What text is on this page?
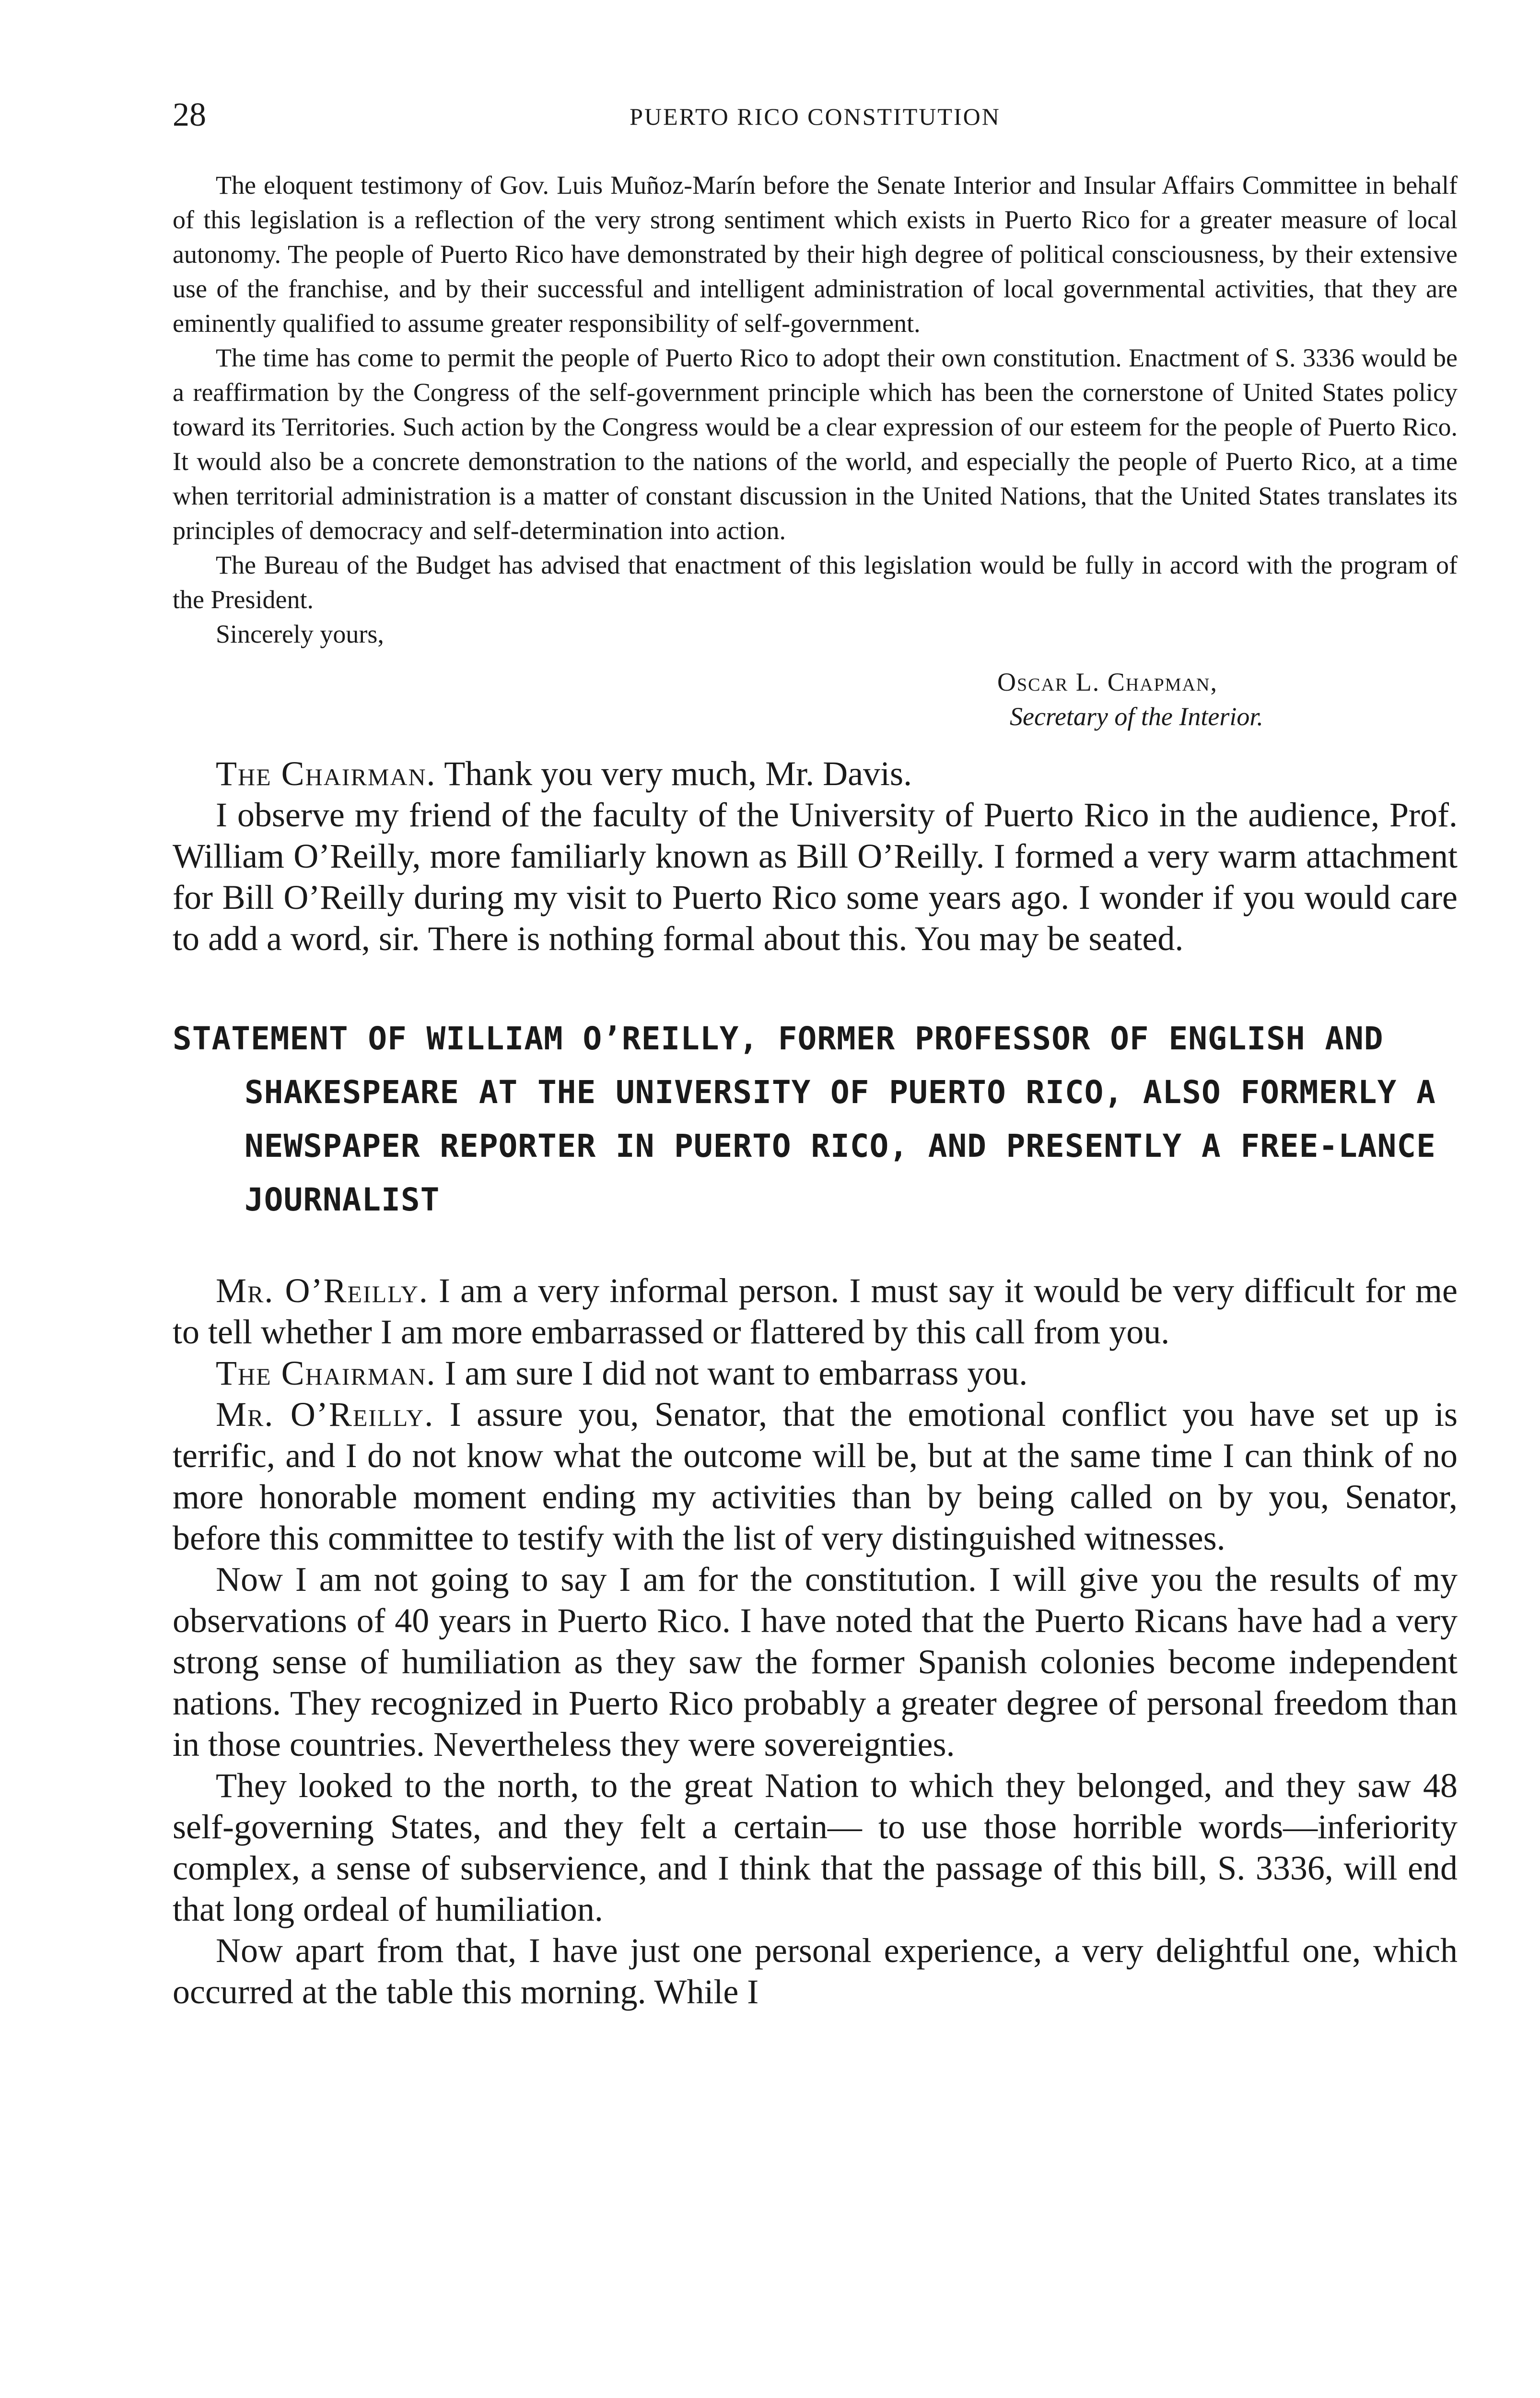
28	PUERTO RICO CONSTITUTION

The eloquent testimony of Gov. Luis Muñoz-Marín before the Senate Interior and Insular Affairs Committee in behalf of this legislation is a reflection of the very strong sentiment which exists in Puerto Rico for a greater measure of local autonomy. The people of Puerto Rico have demonstrated by their high degree of political consciousness, by their extensive use of the franchise, and by their successful and intelligent administration of local governmental activities, that they are eminently qualified to assume greater responsibility of self-government.

The time has come to permit the people of Puerto Rico to adopt their own constitution. Enactment of S. 3336 would be a reaffirmation by the Congress of the self-government principle which has been the cornerstone of United States policy toward its Territories. Such action by the Congress would be a clear expression of our esteem for the people of Puerto Rico. It would also be a concrete demonstration to the nations of the world, and especially the people of Puerto Rico, at a time when territorial administration is a matter of constant discussion in the United Nations, that the United States translates its principles of democracy and self-determination into action.

The Bureau of the Budget has advised that enactment of this legislation would be fully in accord with the program of the President.

Sincerely yours,

Oscar L. Chapman,
Secretary of the Interior.

The Chairman. Thank you very much, Mr. Davis.

I observe my friend of the faculty of the University of Puerto Rico in the audience, Prof. William O’Reilly, more familiarly known as Bill O’Reilly. I formed a very warm attachment for Bill O’Reilly during my visit to Puerto Rico some years ago. I wonder if you would care to add a word, sir. There is nothing formal about this. You may be seated.

STATEMENT OF WILLIAM O’REILLY, FORMER PROFESSOR OF ENGLISH AND SHAKESPEARE AT THE UNIVERSITY OF PUERTO RICO, ALSO FORMERLY A NEWSPAPER REPORTER IN PUERTO RICO, AND PRESENTLY A FREE-LANCE JOURNALIST

Mr. O’Reilly. I am a very informal person. I must say it would be very difficult for me to tell whether I am more embarrassed or flattered by this call from you.

The Chairman. I am sure I did not want to embarrass you.

Mr. O’Reilly. I assure you, Senator, that the emotional conflict you have set up is terrific, and I do not know what the outcome will be, but at the same time I can think of no more honorable moment ending my activities than by being called on by you, Senator, before this committee to testify with the list of very distinguished witnesses.

Now I am not going to say I am for the constitution. I will give you the results of my observations of 40 years in Puerto Rico. I have noted that the Puerto Ricans have had a very strong sense of humiliation as they saw the former Spanish colonies become independent nations. They recognized in Puerto Rico probably a greater degree of personal freedom than in those countries. Nevertheless they were sovereignties.

They looked to the north, to the great Nation to which they belonged, and they saw 48 self-governing States, and they felt a certain— to use those horrible words—inferiority complex, a sense of subservience, and I think that the passage of this bill, S. 3336, will end that long ordeal of humiliation.

Now apart from that, I have just one personal experience, a very delightful one, which occurred at the table this morning. While I
